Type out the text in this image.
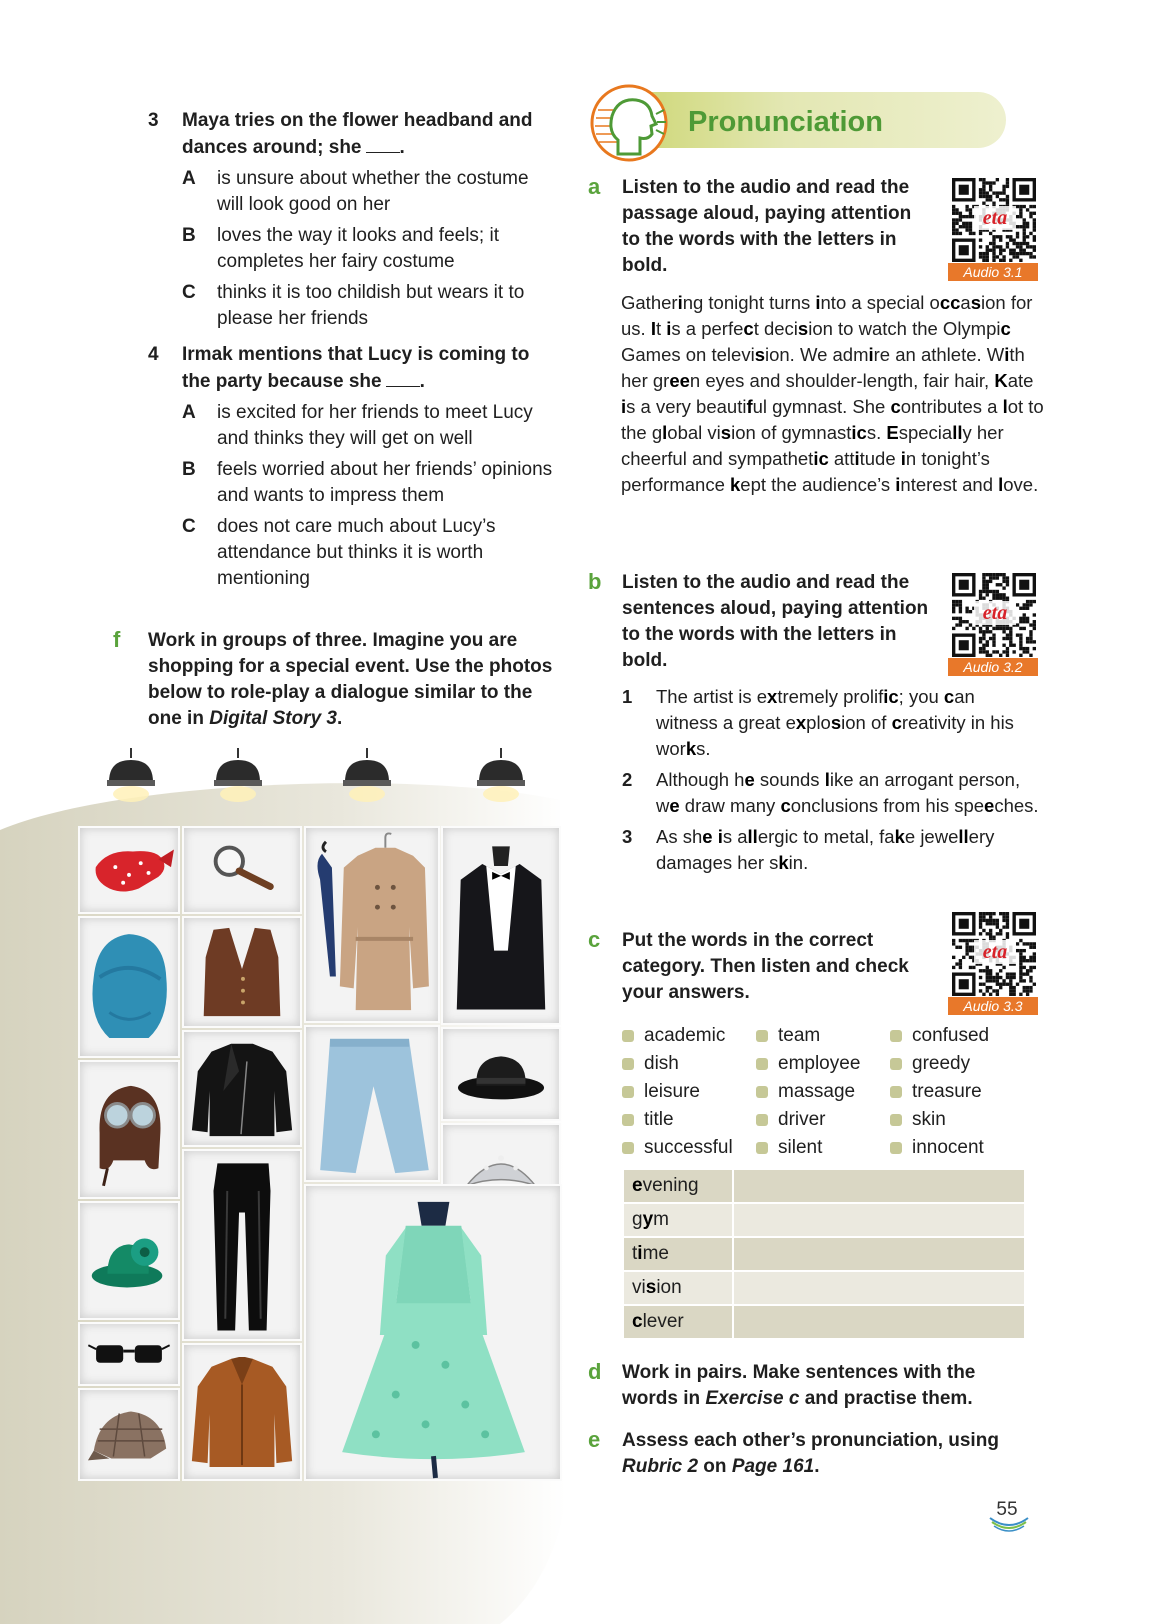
3 Maya tries on the flower headband and dances around; she .
A is unsure about whether the costume will look good on her
B loves the way it looks and feels; it completes her fairy costume
C thinks it is too childish but wears it to please her friends
4 Irmak mentions that Lucy is coming to the party because she .
A is excited for her friends to meet Lucy and thinks they will get on well
B feels worried about her friends’ opinions and wants to impress them
C does not care much about Lucy’s attendance but thinks it is worth mentioning
f Work in groups of three. Imagine you are shopping for a special event. Use the photos below to role-play a dialogue similar to the one in Digital Story 3.
Pronunciation
a Listen to the audio and read the passage aloud, paying attention to the words with the letters in bold.
eta
Audio 3.1
Gathering tonight turns into a special occasion for us. It is a perfect decision to watch the Olympic Games on television. We admire an athlete. With her green eyes and shoulder-length, fair hair, Kate is a very beautiful gymnast. She contributes a lot to the global vision of gymnastics. Especially her cheerful and sympathetic attitude in tonight’s performance kept the audience’s interest and love.
b Listen to the audio and read the sentences aloud, paying attention to the words with the letters in bold.
eta
Audio 3.2
1 The artist is extremely prolific; you can witness a great explosion of creativity in his works.
2 Although he sounds like an arrogant person, we draw many conclusions from his speeches.
3 As she is allergic to metal, fake jewellery damages her skin.
c Put the words in the correct category. Then listen and check your answers.
eta
Audio 3.3
academic
dish
leisure
title
successful
team
employee
massage
driver
silent
confused
greedy
treasure
skin
innocent
evening	
gym	
time	
vision	
clever	
d Work in pairs. Make sentences with the words in Exercise c and practise them.
e Assess each other’s pronunciation, using Rubric 2 on Page 161.
55
